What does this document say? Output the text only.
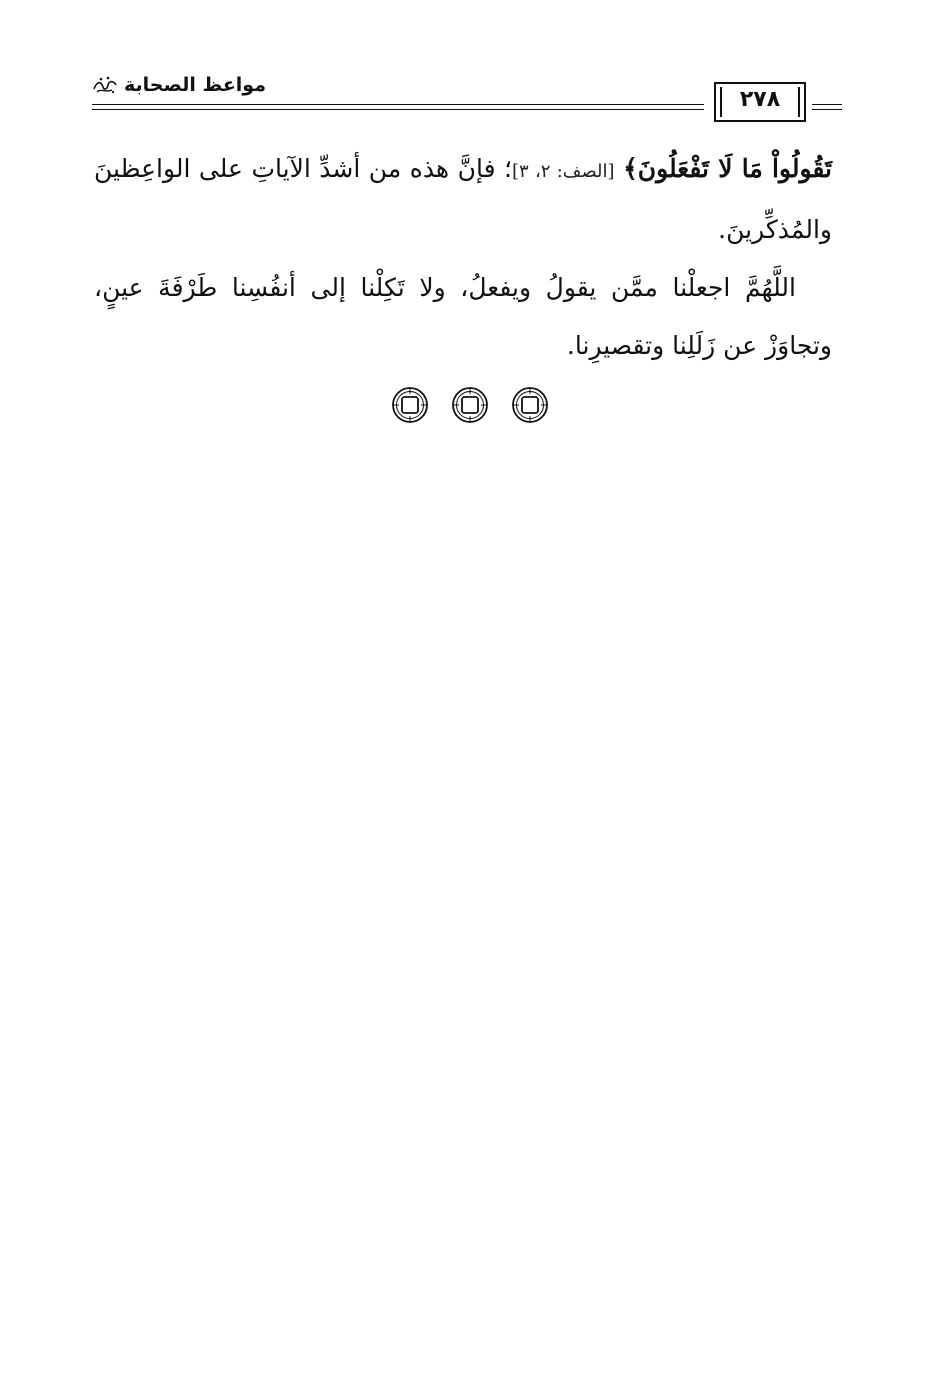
مواعظ الصحابة
٢٧٨

تَقُولُواْ مَا لَا تَفْعَلُونَ﴾ [الصف: ٢، ٣]؛ فإنَّ هذه من أشدِّ الآياتِ على الواعِظينَ والمُذكِّرينَ.

اللَّهُمَّ اجعلْنا ممَّن يقولُ ويفعلُ، ولا تَكِلْنا إلى أنفُسِنا طَرْفَةَ عينٍ، وتجاوَزْ عن زَلَلِنا وتقصيرِنا.
